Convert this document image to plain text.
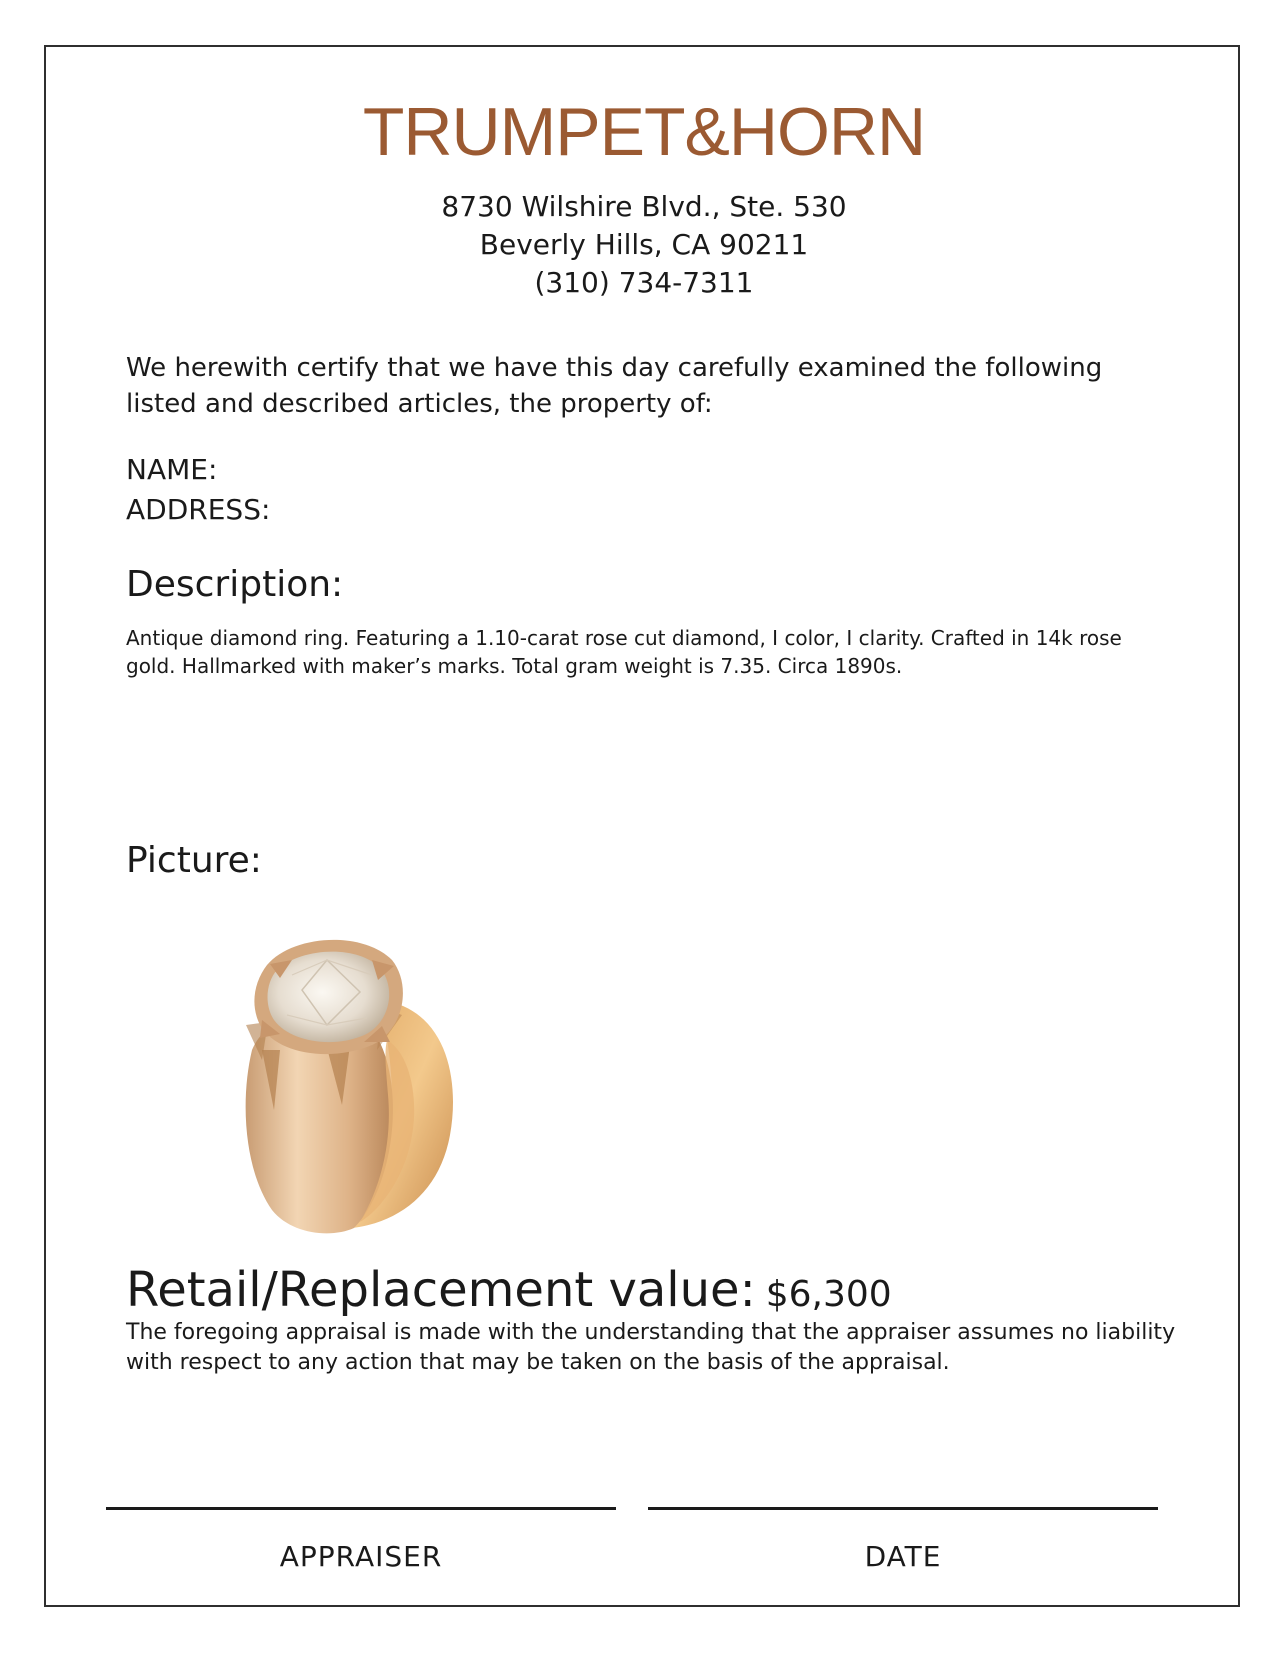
TRUMPET&HORN
8730 Wilshire Blvd., Ste. 530
Beverly Hills, CA 90211
(310) 734-7311
We herewith certify that we have this day carefully examined the following listed and described articles, the property of:
NAME:
ADDRESS:
Description:
Antique diamond ring. Featuring a 1.10-carat rose cut diamond, I color, I clarity. Crafted in 14k rose gold. Hallmarked with maker’s marks. Total gram weight is 7.35. Circa 1890s.
Picture:
Retail/Replacement value: $6,300
The foregoing appraisal is made with the understanding that the appraiser assumes no liability with respect to any action that may be taken on the basis of the appraisal.
APPRAISER	DATE
